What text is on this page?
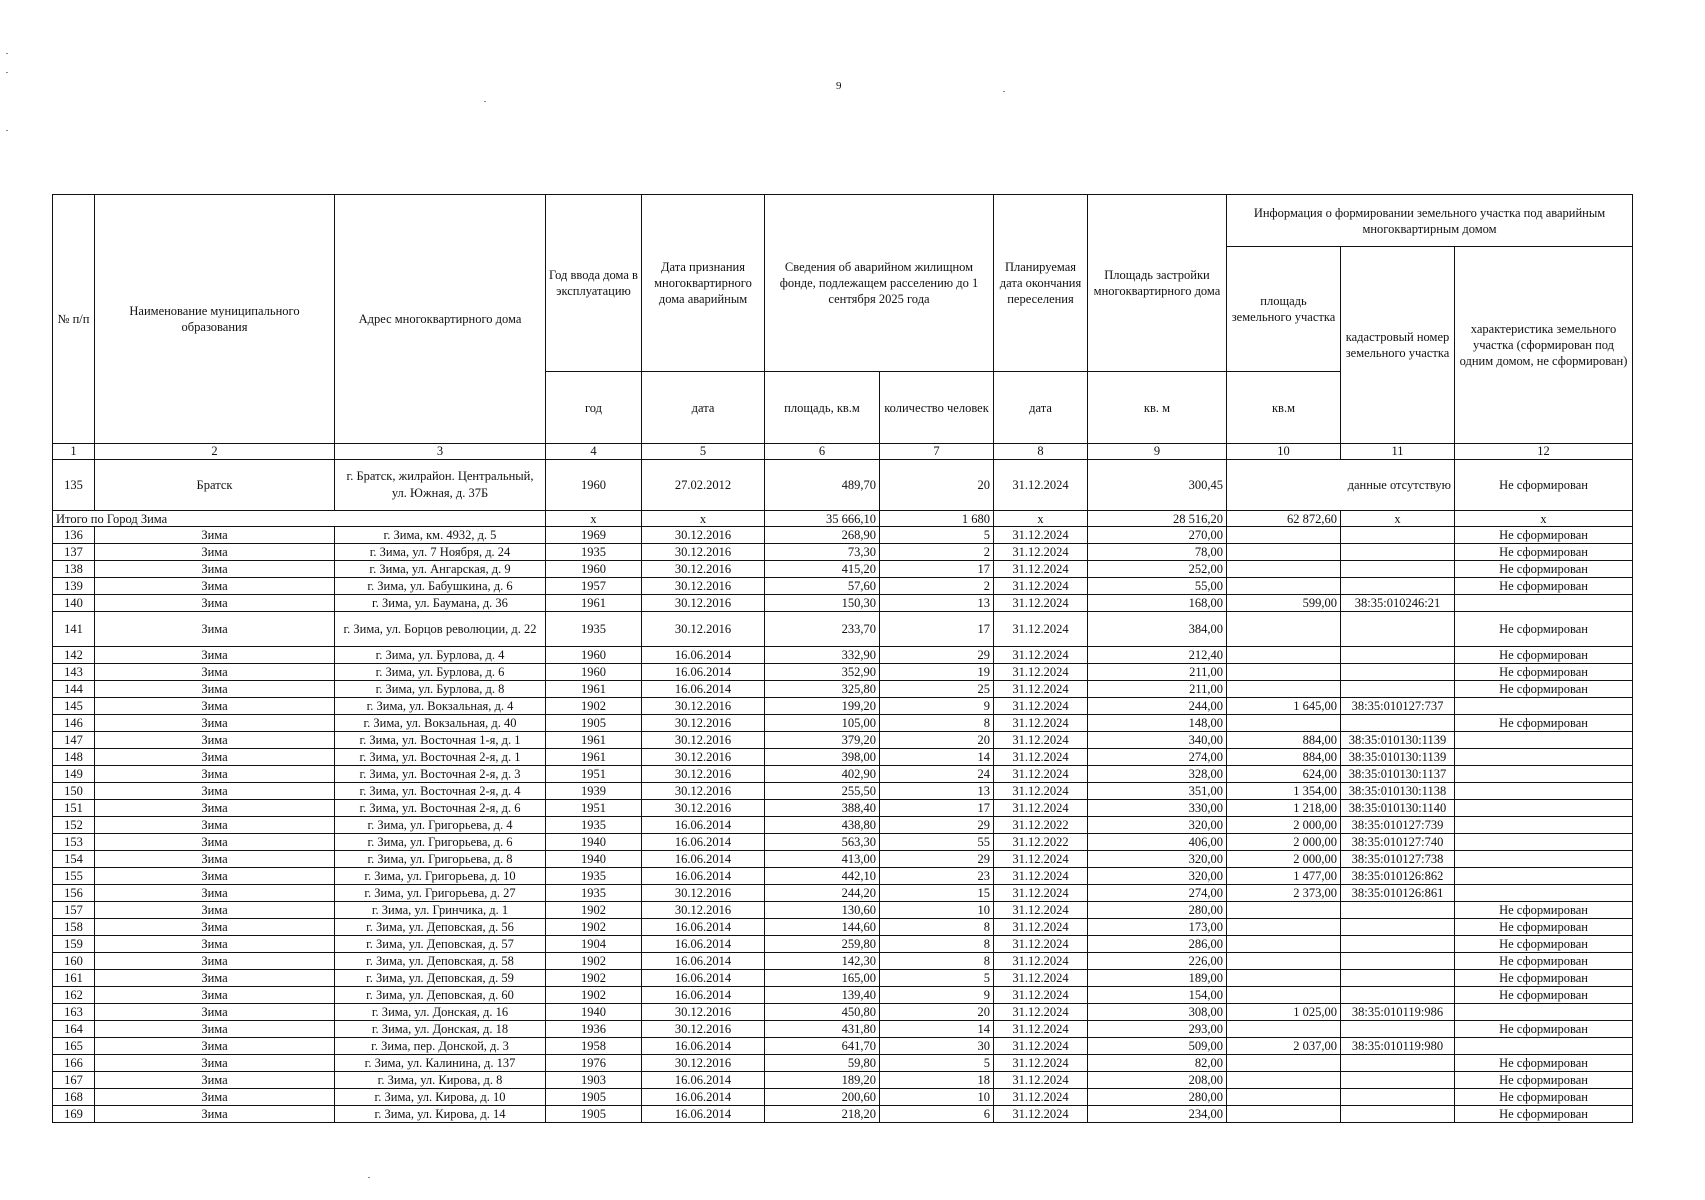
9
№ п/п	Наименование муниципального образования	Адрес многоквартирного дома	Год ввода дома в эксплуатацию	Дата признания многоквартирного дома аварийным	Сведения об аварийном жилищном фонде, подлежащем расселению до 1 сентября 2025 года		Планируемая дата окончания переселения	Площадь застройки многоквартирного дома	Информация о формировании земельного участка под аварийным многоквартирным домом		
									площадь земельного участка	кадастровый номер земельного участка	характеристика земельного участка (сформирован под одним домом, не сформирован)
			год	дата	площадь, кв.м	количество человек	дата	кв. м	кв.м		
1	2	3	4	5	6	7	8	9	10	11	12
135	Братск	г. Братск, жилрайон. Центральный, ул. Южная, д. 37Б	1960	27.02.2012	489,70	20	31.12.2024	300,45	данные отсутствую		Не сформирован
Итого по Город Зима			x	x	35 666,10	1 680	x	28 516,20	62 872,60	x	x
136	Зима	г. Зима, км. 4932, д. 5	1969	30.12.2016	268,90	5	31.12.2024	270,00			Не сформирован
137	Зима	г. Зима, ул. 7 Ноября, д. 24	1935	30.12.2016	73,30	2	31.12.2024	78,00			Не сформирован
138	Зима	г. Зима, ул. Ангарская, д. 9	1960	30.12.2016	415,20	17	31.12.2024	252,00			Не сформирован
139	Зима	г. Зима, ул. Бабушкина, д. 6	1957	30.12.2016	57,60	2	31.12.2024	55,00			Не сформирован
140	Зима	г. Зима, ул. Баумана, д. 36	1961	30.12.2016	150,30	13	31.12.2024	168,00	599,00	38:35:010246:21	
141	Зима	г. Зима, ул. Борцов революции, д. 22	1935	30.12.2016	233,70	17	31.12.2024	384,00			Не сформирован
142	Зима	г. Зима, ул. Бурлова, д. 4	1960	16.06.2014	332,90	29	31.12.2024	212,40			Не сформирован
143	Зима	г. Зима, ул. Бурлова, д. 6	1960	16.06.2014	352,90	19	31.12.2024	211,00			Не сформирован
144	Зима	г. Зима, ул. Бурлова, д. 8	1961	16.06.2014	325,80	25	31.12.2024	211,00			Не сформирован
145	Зима	г. Зима, ул. Вокзальная, д. 4	1902	30.12.2016	199,20	9	31.12.2024	244,00	1 645,00	38:35:010127:737	
146	Зима	г. Зима, ул. Вокзальная, д. 40	1905	30.12.2016	105,00	8	31.12.2024	148,00			Не сформирован
147	Зима	г. Зима, ул. Восточная 1-я, д. 1	1961	30.12.2016	379,20	20	31.12.2024	340,00	884,00	38:35:010130:1139	
148	Зима	г. Зима, ул. Восточная 2-я, д. 1	1961	30.12.2016	398,00	14	31.12.2024	274,00	884,00	38:35:010130:1139	
149	Зима	г. Зима, ул. Восточная 2-я, д. 3	1951	30.12.2016	402,90	24	31.12.2024	328,00	624,00	38:35:010130:1137	
150	Зима	г. Зима, ул. Восточная 2-я, д. 4	1939	30.12.2016	255,50	13	31.12.2024	351,00	1 354,00	38:35:010130:1138	
151	Зима	г. Зима, ул. Восточная 2-я, д. 6	1951	30.12.2016	388,40	17	31.12.2024	330,00	1 218,00	38:35:010130:1140	
152	Зима	г. Зима, ул. Григорьева, д. 4	1935	16.06.2014	438,80	29	31.12.2022	320,00	2 000,00	38:35:010127:739	
153	Зима	г. Зима, ул. Григорьева, д. 6	1940	16.06.2014	563,30	55	31.12.2022	406,00	2 000,00	38:35:010127:740	
154	Зима	г. Зима, ул. Григорьева, д. 8	1940	16.06.2014	413,00	29	31.12.2024	320,00	2 000,00	38:35:010127:738	
155	Зима	г. Зима, ул. Григорьева, д. 10	1935	16.06.2014	442,10	23	31.12.2024	320,00	1 477,00	38:35:010126:862	
156	Зима	г. Зима, ул. Григорьева, д. 27	1935	30.12.2016	244,20	15	31.12.2024	274,00	2 373,00	38:35:010126:861	
157	Зима	г. Зима, ул. Гринчика, д. 1	1902	30.12.2016	130,60	10	31.12.2024	280,00			Не сформирован
158	Зима	г. Зима, ул. Деповская, д. 56	1902	16.06.2014	144,60	8	31.12.2024	173,00			Не сформирован
159	Зима	г. Зима, ул. Деповская, д. 57	1904	16.06.2014	259,80	8	31.12.2024	286,00			Не сформирован
160	Зима	г. Зима, ул. Деповская, д. 58	1902	16.06.2014	142,30	8	31.12.2024	226,00			Не сформирован
161	Зима	г. Зима, ул. Деповская, д. 59	1902	16.06.2014	165,00	5	31.12.2024	189,00			Не сформирован
162	Зима	г. Зима, ул. Деповская, д. 60	1902	16.06.2014	139,40	9	31.12.2024	154,00			Не сформирован
163	Зима	г. Зима, ул. Донская, д. 16	1940	30.12.2016	450,80	20	31.12.2024	308,00	1 025,00	38:35:010119:986	
164	Зима	г. Зима, ул. Донская, д. 18	1936	30.12.2016	431,80	14	31.12.2024	293,00			Не сформирован
165	Зима	г. Зима, пер. Донской, д. 3	1958	16.06.2014	641,70	30	31.12.2024	509,00	2 037,00	38:35:010119:980	
166	Зима	г. Зима, ул. Калинина, д. 137	1976	30.12.2016	59,80	5	31.12.2024	82,00			Не сформирован
167	Зима	г. Зима, ул. Кирова, д. 8	1903	16.06.2014	189,20	18	31.12.2024	208,00			Не сформирован
168	Зима	г. Зима, ул. Кирова, д. 10	1905	16.06.2014	200,60	10	31.12.2024	280,00			Не сформирован
169	Зима	г. Зима, ул. Кирова, д. 14	1905	16.06.2014	218,20	6	31.12.2024	234,00			Не сформирован
